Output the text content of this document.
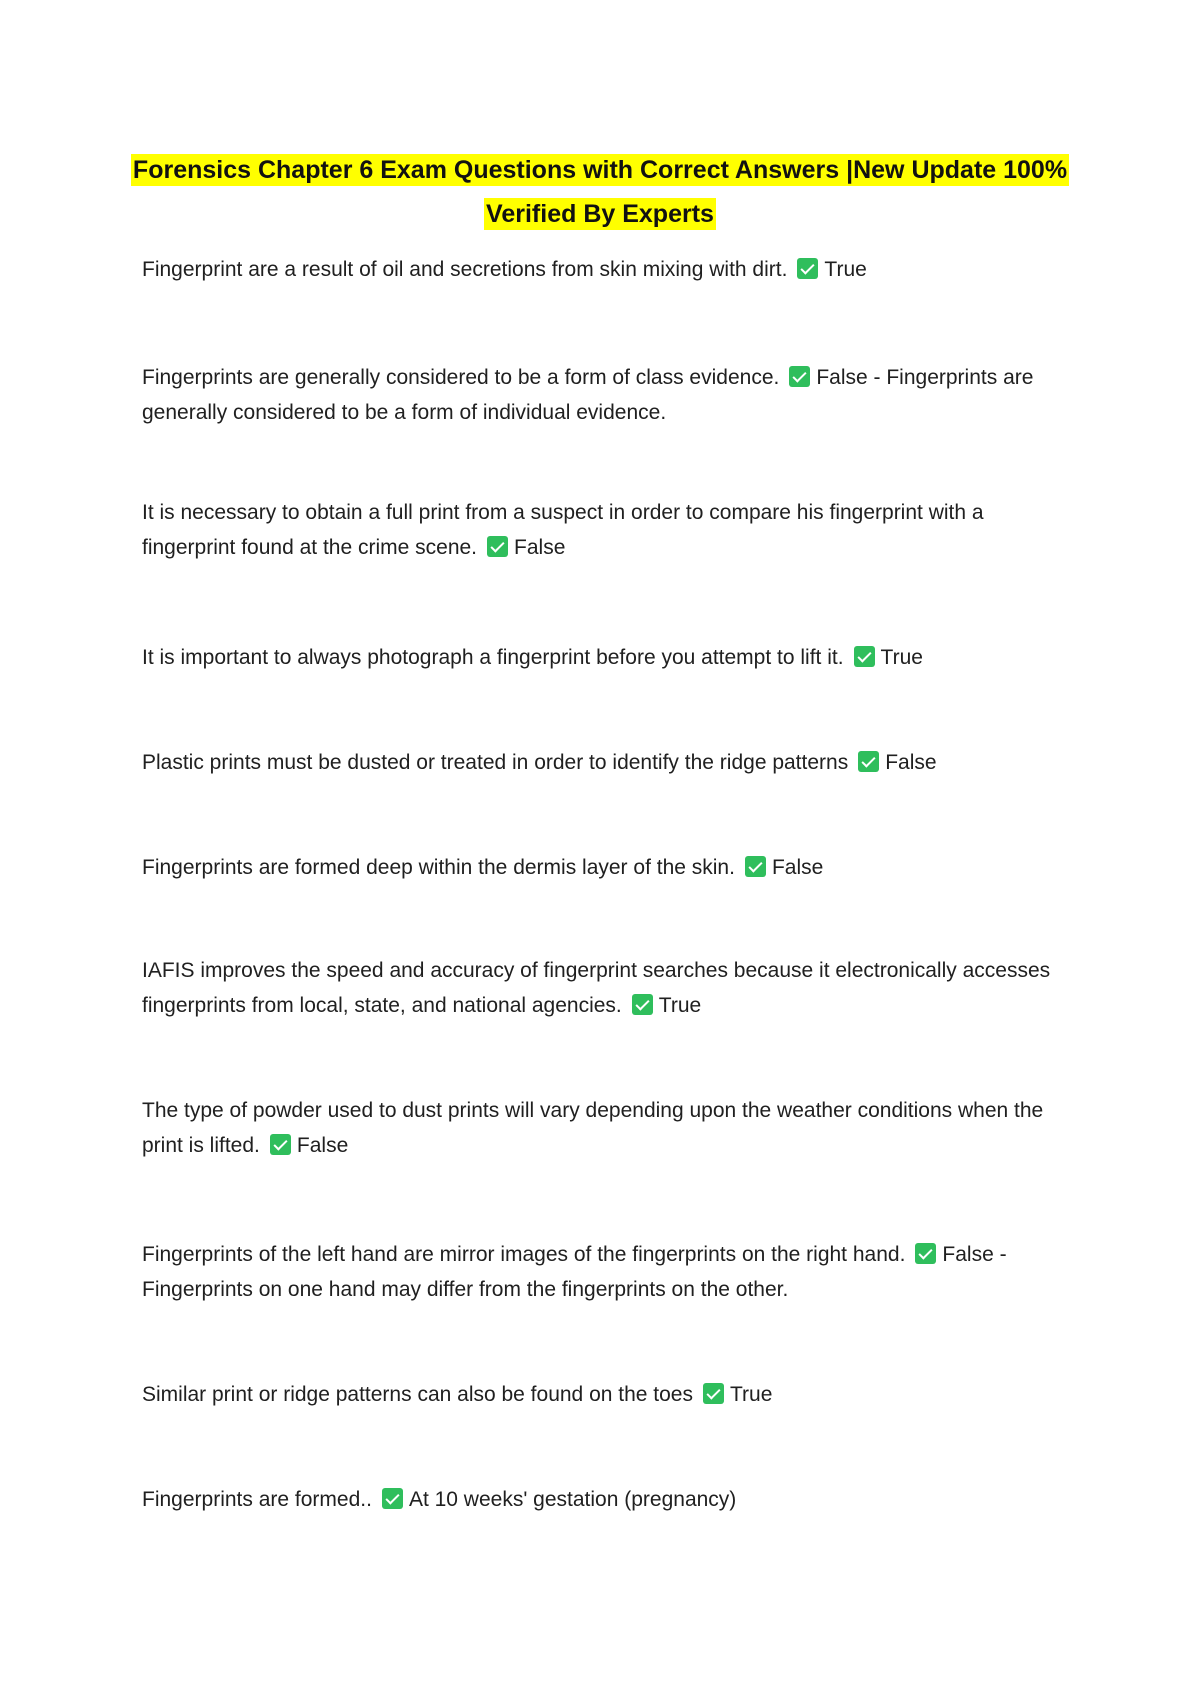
Forensics Chapter 6 Exam Questions with Correct Answers |New Update 100%
Verified By Experts
Fingerprint are a result of oil and secretions from skin mixing with dirt. True
Fingerprints are generally considered to be a form of class evidence. False - Fingerprints are generally considered to be a form of individual evidence.
It is necessary to obtain a full print from a suspect in order to compare his fingerprint with a fingerprint found at the crime scene. False
It is important to always photograph a fingerprint before you attempt to lift it. True
Plastic prints must be dusted or treated in order to identify the ridge patterns False
Fingerprints are formed deep within the dermis layer of the skin. False
IAFIS improves the speed and accuracy of fingerprint searches because it electronically accesses fingerprints from local, state, and national agencies. True
The type of powder used to dust prints will vary depending upon the weather conditions when the print is lifted. False
Fingerprints of the left hand are mirror images of the fingerprints on the right hand. False - Fingerprints on one hand may differ from the fingerprints on the other.
Similar print or ridge patterns can also be found on the toes True
Fingerprints are formed.. At 10 weeks' gestation (pregnancy)
